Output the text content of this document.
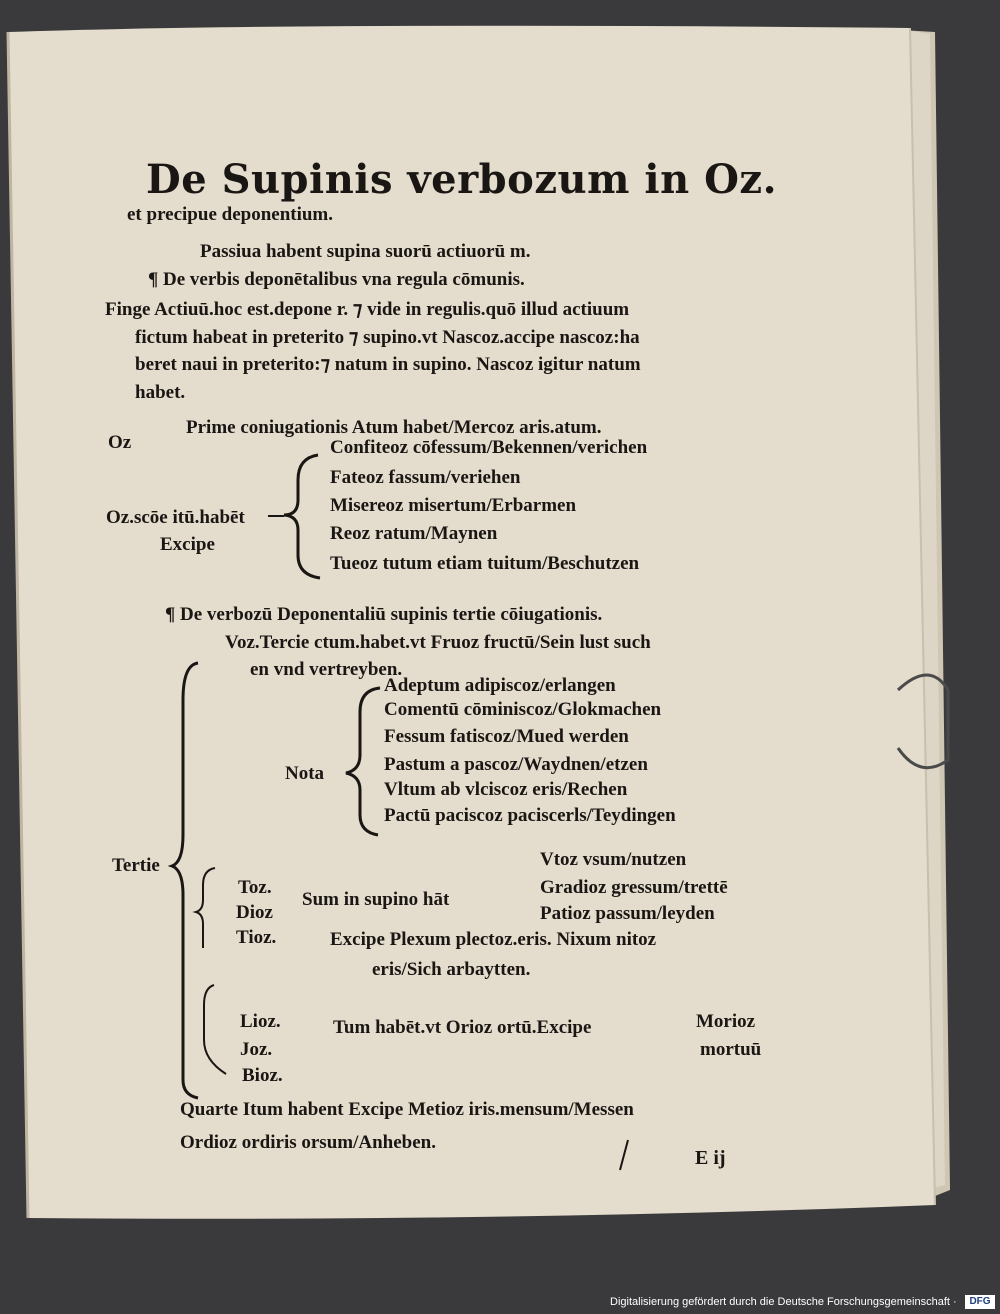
De Supinis verbozum in Oz.
et precipue deponentium.
Passiua habent supina suorū actiuorū m.
¶ De verbis deponētalibus vna regula cōmunis.
Finge Actiuū.hoc est.depone r. ⁊ vide in regulis.quō illud actiuum
fictum habeat in preterito ⁊ supino.vt Nascoz.accipe nascoz:ha
beret naui in preterito:⁊ natum in supino. Nascoz igitur natum
habet.
Oz
Prime coniugationis Atum habet/Mercoz aris.atum.
Oz.scōe itū.habēt
Excipe
Confiteoz cōfessum/Bekennen/verichen
Fateoz fassum/veriehen
Misereoz misertum/Erbarmen
Reoz ratum/Maynen
Tueoz tutum etiam tuitum/Beschutzen
¶ De verbozū Deponentaliū supinis tertie cōiugationis.
Voz.Tercie ctum.habet.vt Fruoz fructū/Sein lust such
en vnd vertreyben.
Nota
Adeptum adipiscoz/erlangen
Comentū cōminiscoz/Glokmachen
Fessum fatiscoz/Mued werden
Pastum a pascoz/Waydnen/etzen
Vltum ab vlciscoz eris/Rechen
Pactū paciscoz paciscerls/Teydingen
Tertie
Toz.
Dioz
Tioz.
Sum in supino hāt
Vtoz vsum/nutzen
Gradioz gressum/trettē
Patioz passum/leyden
Excipe Plexum plectoz.eris. Nixum nitoz
eris/Sich arbaytten.
Lioz.
Joz.
Bioz.
Tum habēt.vt Orioz ortū.Excipe	Morioz
mortuū
Quarte Itum habent Excipe Metioz iris.mensum/Messen
Ordioz ordiris orsum/Anheben.
E ij
Digitalisierung gefördert durch die Deutsche Forschungsgemeinschaft ·	DFG
